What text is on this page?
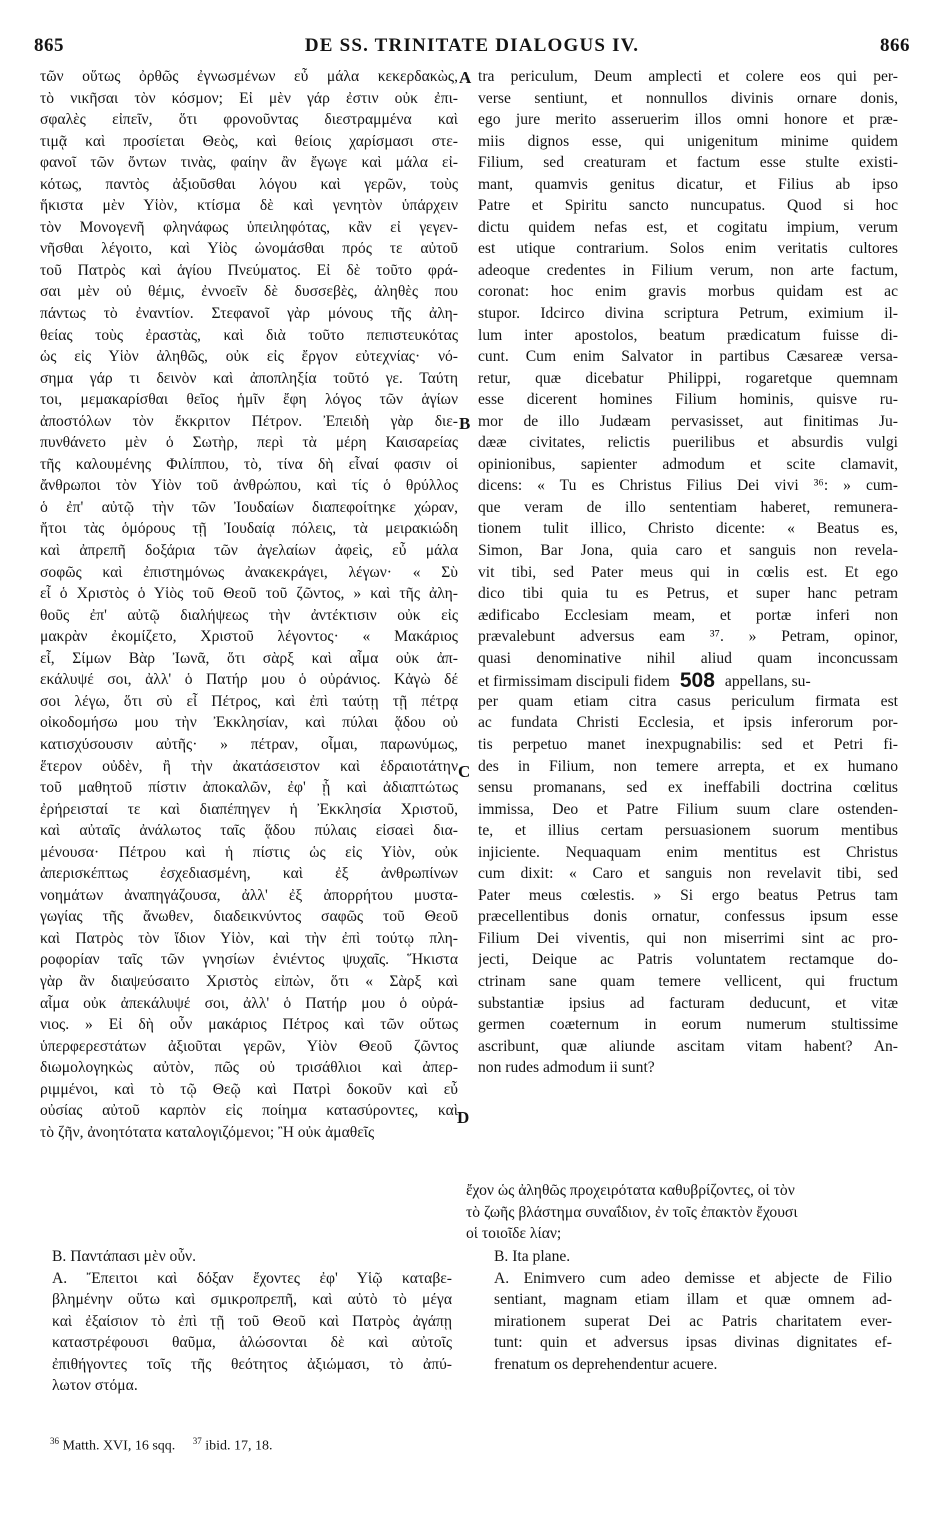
865	DE SS. TRINITATE DIALOGUS IV.	866
τῶν οὕτως ὀρθῶς ἐγνωσμένων εὖ μάλα κεκερδακὼς,
τὸ νικῆσαι τὸν κόσμον; Εἰ μὲν γάρ ἐστιν οὐκ ἐπι-
σφαλὲς εἰπεῖν, ὅτι φρονοῦντας διεστραμμένα καὶ
τιμᾷ καὶ προσίεται Θεὸς, καὶ θείοις χαρίσμασι στε-
φανοῖ τῶν ὄντων τινὰς, φαίην ἂν ἔγωγε καὶ μάλα εἰ-
κότως, παντὸς ἀξιοῦσθαι λόγου καὶ γερῶν, τοὺς
ἥκιστα μὲν Υἱὸν, κτίσμα δὲ καὶ γενητὸν ὑπάρχειν
τὸν Μονογενῆ φληνάφως ὑπειληφότας, κἂν εἰ γεγεν-
νῆσθαι λέγοιτο, καὶ Υἱὸς ὠνομάσθαι πρός τε αὐτοῦ
τοῦ Πατρὸς καὶ ἁγίου Πνεύματος. Εἰ δὲ τοῦτο φρά-
σαι μὲν οὐ θέμις, ἐννοεῖν δὲ δυσσεβὲς, ἀληθὲς που
πάντως τὸ ἐναντίον. Στεφανοῖ γὰρ μόνους τῆς ἀλη-
θείας τοὺς ἐραστὰς, καὶ διὰ τοῦτο πεπιστευκότας
ὡς εἰς Υἱὸν ἀληθῶς, οὐκ εἰς ἔργον εὐτεχνίας· νό-
σημα γάρ τι δεινὸν καὶ ἀποπληξία τοῦτό γε. Ταύτη
τοι, μεμακαρίσθαι θεῖος ἡμῖν ἔφη λόγος τῶν ἁγίων
ἀποστόλων τὸν ἔκκριτον Πέτρον. Ἐπειδὴ γὰρ διε-
πυνθάνετο μὲν ὁ Σωτὴρ, περὶ τὰ μέρη Καισαρείας
τῆς καλουμένης Φιλίππου, τὸ, τίνα δὴ εἶναί φασιν οἱ
ἄνθρωποι τὸν Υἱὸν τοῦ ἀνθρώπου, καὶ τίς ὁ θρύλλος
ὁ ἐπ' αὐτῷ τὴν τῶν Ἰουδαίων διαπεφοίτηκε χώραν,
ἤτοι τὰς ὁμόρους τῇ Ἰουδαίᾳ πόλεις, τὰ μειρακιώδη
καὶ ἀπρεπῆ δοξάρια τῶν ἀγελαίων ἀφεὶς, εὖ μάλα
σοφῶς καὶ ἐπιστημόνως ἀνακεκράγει, λέγων· « Σὺ
εἶ ὁ Χριστὸς ὁ Υἱὸς τοῦ Θεοῦ τοῦ ζῶντος, » καὶ τῆς ἀλη-
θοῦς ἐπ' αὐτῷ διαλήψεως τὴν ἀντέκτισιν οὐκ εἰς
μακρὰν ἐκομίζετο, Χριστοῦ λέγοντος· « Μακάριος
εἶ, Σίμων Βὰρ Ἰωνᾶ, ὅτι σὰρξ καὶ αἷμα οὐκ ἀπ-
εκάλυψέ σοι, ἀλλ' ὁ Πατήρ μου ὁ οὐράνιος. Κἀγὼ δέ
σοι λέγω, ὅτι σὺ εἶ Πέτρος, καὶ ἐπὶ ταύτῃ τῇ πέτρᾳ
οἰκοδομήσω μου τὴν Ἐκκλησίαν, καὶ πύλαι ᾅδου οὐ
κατισχύσουσιν αὐτῆς· » πέτραν, οἶμαι, παρωνύμως,
ἕτερον οὐδὲν, ἢ τὴν ἀκατάσειστον καὶ ἑδραιοτάτην
τοῦ μαθητοῦ πίστιν ἀποκαλῶν, ἐφ' ᾗ καὶ ἀδιαπτώτως
ἐρήρεισταί τε καὶ διαπέπηγεν ἡ Ἐκκλησία Χριστοῦ,
καὶ αὐταῖς ἀνάλωτος ταῖς ᾅδου πύλαις εἰσαεὶ δια-
μένουσα· Πέτρου καὶ ἡ πίστις ὡς εἰς Υἱὸν, οὐκ
ἀπερισκέπτως ἐσχεδιασμένη, καὶ ἐξ ἀνθρωπίνων
νοημάτων ἀναπηγάζουσα, ἀλλ' ἐξ ἀπορρήτου μυστα-
γωγίας τῆς ἄνωθεν, διαδεικνύντος σαφῶς τοῦ Θεοῦ
καὶ Πατρὸς τὸν ἴδιον Υἱὸν, καὶ τὴν ἐπὶ τούτῳ πλη-
ροφορίαν ταῖς τῶν γνησίων ἐνιέντος ψυχαῖς. Ἥκιστα
γὰρ ἂν διαψεύσαιτο Χριστὸς εἰπὼν, ὅτι « Σὰρξ καὶ
αἷμα οὐκ ἀπεκάλυψέ σοι, ἀλλ' ὁ Πατήρ μου ὁ οὐρά-
νιος. » Εἰ δὴ οὖν μακάριος Πέτρος καὶ τῶν οὕτως
ὑπερφερεστάτων ἀξιοῦται γερῶν, Υἱὸν Θεοῦ ζῶντος
διωμολογηκὼς αὐτὸν, πῶς οὐ τρισάθλιοι καὶ ἀπερ-
ριμμένοι, καὶ τὸ τῷ Θεῷ καὶ Πατρὶ δοκοῦν καὶ εὖ
οὐσίας αὐτοῦ καρπὸν εἰς ποίημα κατασύροντες, καὶ
τὸ ζῆν, ἀνοητότατα καταλογιζόμενοι; Ἢ οὐκ ἀμαθεῖς
tra periculum, Deum amplecti et colere eos qui per-
verse sentiunt, et nonnullos divinis ornare donis,
ego jure merito asseruerim illos omni honore et præ-
miis dignos esse, qui unigenitum minime quidem
Filium, sed creaturam et factum esse stulte existi-
mant, quamvis genitus dicatur, et Filius ab ipso
Patre et Spiritu sancto nuncupatus. Quod si hoc
dictu quidem nefas est, et cogitatu impium, verum
est utique contrarium. Solos enim veritatis cultores
adeoque credentes in Filium verum, non arte factum,
coronat: hoc enim gravis morbus quidam est ac
stupor. Idcirco divina scriptura Petrum, eximium il-
lum inter apostolos, beatum prædicatum fuisse di-
cunt. Cum enim Salvator in partibus Cæsareæ versa-
retur, quæ dicebatur Philippi, rogaretque quemnam
esse dicerent homines Filium hominis, quisve ru-
mor de illo Judæam pervasisset, aut finitimas Ju-
dææ civitates, relictis puerilibus et absurdis vulgi
opinionibus, sapienter admodum et scite clamavit,
dicens: « Tu es Christus Filius Dei vivi ³⁶: » cum-
que veram de illo sententiam haberet, remunera-
tionem tulit illico, Christo dicente: « Beatus es,
Simon, Bar Jona, quia caro et sanguis non revela-
vit tibi, sed Pater meus qui in cœlis est. Et ego
dico tibi quia tu es Petrus, et super hanc petram
ædificabo Ecclesiam meam, et portæ inferi non
prævalebunt adversus eam ³⁷. » Petram, opinor,
quasi denominative nihil aliud quam inconcussam
et firmissimam discipuli fidem 508 appellans, su-
per quam etiam citra casus periculum firmata est
ac fundata Christi Ecclesia, et ipsis inferorum por-
tis perpetuo manet inexpugnabilis: sed et Petri fi-
des in Filium, non temere arrepta, et ex humano
sensu promanans, sed ex ineffabili doctrina cœlitus
immissa, Deo et Patre Filium suum clare ostenden-
te, et illius certam persuasionem suorum mentibus
injiciente. Nequaquam enim mentitus est Christus
cum dixit: « Caro et sanguis non revelavit tibi, sed
Pater meus cœlestis. » Si ergo beatus Petrus tam
præcellentibus donis ornatur, confessus ipsum esse
Filium Dei viventis, qui non miserrimi sint ac pro-
jecti, Deique ac Patris voluntatem rectamque do-
ctrinam sane quam temere vellicent, qui fructum
substantiæ ipsius ad facturam deducunt, et vitæ
germen coæternum in eorum numerum stultissime
ascribunt, quæ aliunde ascitam vitam habent? An-
non rudes admodum ii sunt?
A
B
C
D
ἔχον ὡς ἀληθῶς προχειρότατα καθυβρίζοντες, οἱ τὸν
τὸ ζωῆς βλάστημα συναΐδιον, ἐν τοῖς ἐπακτὸν ἔχουσι
οἱ τοιοῖδε λίαν;
B. Παντάπασι μὲν οὖν.
A. Ἔπειτοι καὶ δόξαν ἔχοντες ἐφ' Υἱῷ καταβε-
βλημένην οὕτω καὶ σμικροπρεπῆ, καὶ αὐτὸ τὸ μέγα
καὶ ἐξαίσιον τὸ ἐπὶ τῇ τοῦ Θεοῦ καὶ Πατρὸς ἀγάπῃ
καταστρέφουσι θαῦμα, ἁλώσονται δὲ καὶ αὐτοῖς
ἐπιθήγοντες τοῖς τῆς θεότητος ἀξιώμασι, τὸ ἀπύ-
λωτον στόμα.
B. Ita plane.
A. Enimvero cum adeo demisse et abjecte de Filio
sentiant, magnam etiam illam et quæ omnem ad-
mirationem superat Dei ac Patris charitatem ever-
tunt: quin et adversus ipsas divinas dignitates ef-
frenatum os deprehendentur acuere.
$^{36}$ Matth. XVI, 16 sqq. $^{37}$ ibid. 17, 18.
